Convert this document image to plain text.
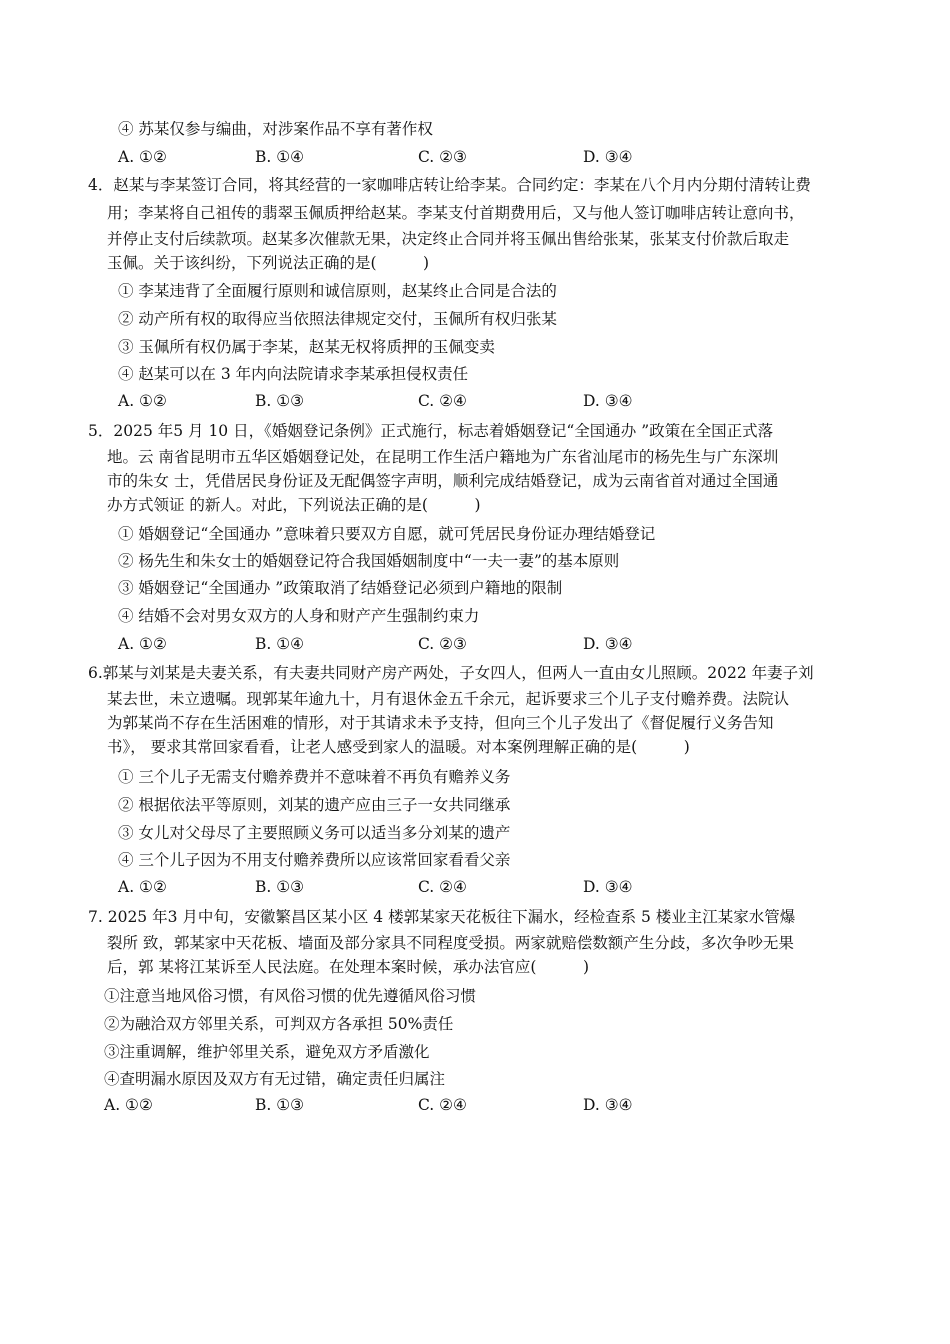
④ 苏某仅参与编曲，对涉案作品不享有著作权
A. ①②	B. ①④	C. ②③	D. ③④
4．赵某与李某签订合同，将其经营的一家咖啡店转让给李某。合同约定：李某在八个月内分期付清转让费
用；李某将自己祖传的翡翠玉佩质押给赵某。李某支付首期费用后，又与他人签订咖啡店转让意向书，
并停止支付后续款项。赵某多次催款无果，决定终止合同并将玉佩出售给张某，张某支付价款后取走
玉佩。关于该纠纷，下列说法正确的是(　　　)
① 李某违背了全面履行原则和诚信原则，赵某终止合同是合法的
② 动产所有权的取得应当依照法律规定交付，玉佩所有权归张某
③ 玉佩所有权仍属于李某，赵某无权将质押的玉佩变卖
④ 赵某可以在 3 年内向法院请求李某承担侵权责任
A. ①②	B. ①③	C. ②④	D. ③④
5．2025 年5 月 10 日，《婚姻登记条例》正式施行，标志着婚姻登记“全国通办 ”政策在全国正式落
地。云 南省昆明市五华区婚姻登记处，在昆明工作生活户籍地为广东省汕尾市的杨先生与广东深圳
市的朱女 士，凭借居民身份证及无配偶签字声明，顺利完成结婚登记，成为云南省首对通过全国通
办方式领证 的新人。对此，下列说法正确的是(　　　)
① 婚姻登记“全国通办 ”意味着只要双方自愿，就可凭居民身份证办理结婚登记
② 杨先生和朱女士的婚姻登记符合我国婚姻制度中“一夫一妻”的基本原则
③ 婚姻登记“全国通办 ”政策取消了结婚登记必须到户籍地的限制
④ 结婚不会对男女双方的人身和财产产生强制约束力
A. ①②	B. ①④	C. ②③	D. ③④
6.郭某与刘某是夫妻关系，有夫妻共同财产房产两处，子女四人，但两人一直由女儿照顾。2022 年妻子刘
某去世，未立遗嘱。现郭某年逾九十，月有退休金五千余元，起诉要求三个儿子支付赡养费。法院认
为郭某尚不存在生活困难的情形，对于其请求未予支持，但向三个儿子发出了《督促履行义务告知
书》， 要求其常回家看看，让老人感受到家人的温暖。对本案例理解正确的是(　　　)
① 三个儿子无需支付赡养费并不意味着不再负有赡养义务
② 根据依法平等原则，刘某的遗产应由三子一女共同继承
③ 女儿对父母尽了主要照顾义务可以适当多分刘某的遗产
④ 三个儿子因为不用支付赡养费所以应该常回家看看父亲
A. ①②	B. ①③	C. ②④	D. ③④
7. 2025 年3 月中旬，安徽繁昌区某小区 4 楼郭某家天花板往下漏水，经检查系 5 楼业主江某家水管爆
裂所 致，郭某家中天花板、墙面及部分家具不同程度受损。两家就赔偿数额产生分歧，多次争吵无果
后，郭 某将江某诉至人民法庭。在处理本案时候，承办法官应(　　　)
①注意当地风俗习惯，有风俗习惯的优先遵循风俗习惯
②为融洽双方邻里关系，可判双方各承担 50%责任
③注重调解，维护邻里关系，避免双方矛盾激化
④查明漏水原因及双方有无过错，确定责任归属注
A. ①②	B. ①③	C. ②④	D. ③④
